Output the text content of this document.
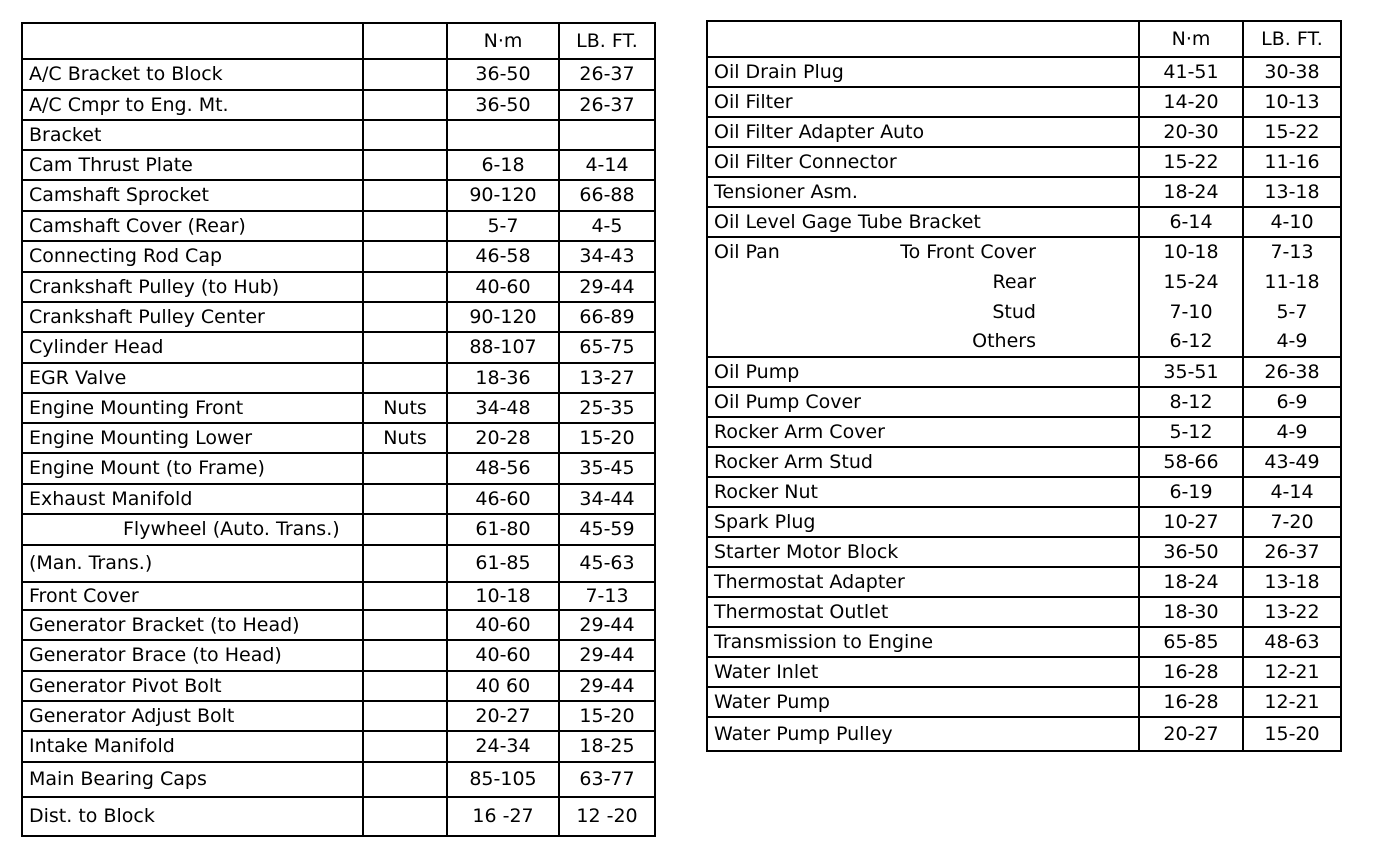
		N·m	LB. FT.
A/C Bracket to Block		36-50	26-37
A/C Cmpr to Eng. Mt.		36-50	26-37
Bracket			
Cam Thrust Plate		6-18	4-14
Camshaft Sprocket		90-120	66-88
Camshaft Cover (Rear)		5-7	4-5
Connecting Rod Cap		46-58	34-43
Crankshaft Pulley (to Hub)		40-60	29-44
Crankshaft Pulley Center		90-120	66-89
Cylinder Head		88-107	65-75
EGR Valve		18-36	13-27
Engine Mounting Front	Nuts	34-48	25-35
Engine Mounting Lower	Nuts	20-28	15-20
Engine Mount (to Frame)		48-56	35-45
Exhaust Manifold		46-60	34-44
Flywheel (Auto. Trans.)		61-80	45-59
(Man. Trans.)		61-85	45-63
Front Cover		10-18	7-13
Generator Bracket (to Head)		40-60	29-44
Generator Brace (to Head)		40-60	29-44
Generator Pivot Bolt		40 60	29-44
Generator Adjust Bolt		20-27	15-20
Intake Manifold		24-34	18-25
Main Bearing Caps		85-105	63-77
Dist. to Block		16 -27	12 -20
	N·m	LB. FT.
Oil Drain Plug	41-51	30-38
Oil Filter	14-20	10-13
Oil Filter Adapter Auto	20-30	15-22
Oil Filter Connector	15-22	11-16
Tensioner Asm.	18-24	13-18
Oil Level Gage Tube Bracket	6-14	4-10
Oil Pan To Front Cover	10-18	7-13
Rear	15-24	11-18
Stud	7-10	5-7
Others	6-12	4-9
Oil Pump	35-51	26-38
Oil Pump Cover	8-12	6-9
Rocker Arm Cover	5-12	4-9
Rocker Arm Stud	58-66	43-49
Rocker Nut	6-19	4-14
Spark Plug	10-27	7-20
Starter Motor Block	36-50	26-37
Thermostat Adapter	18-24	13-18
Thermostat Outlet	18-30	13-22
Transmission to Engine	65-85	48-63
Water Inlet	16-28	12-21
Water Pump	16-28	12-21
Water Pump Pulley	20-27	15-20
